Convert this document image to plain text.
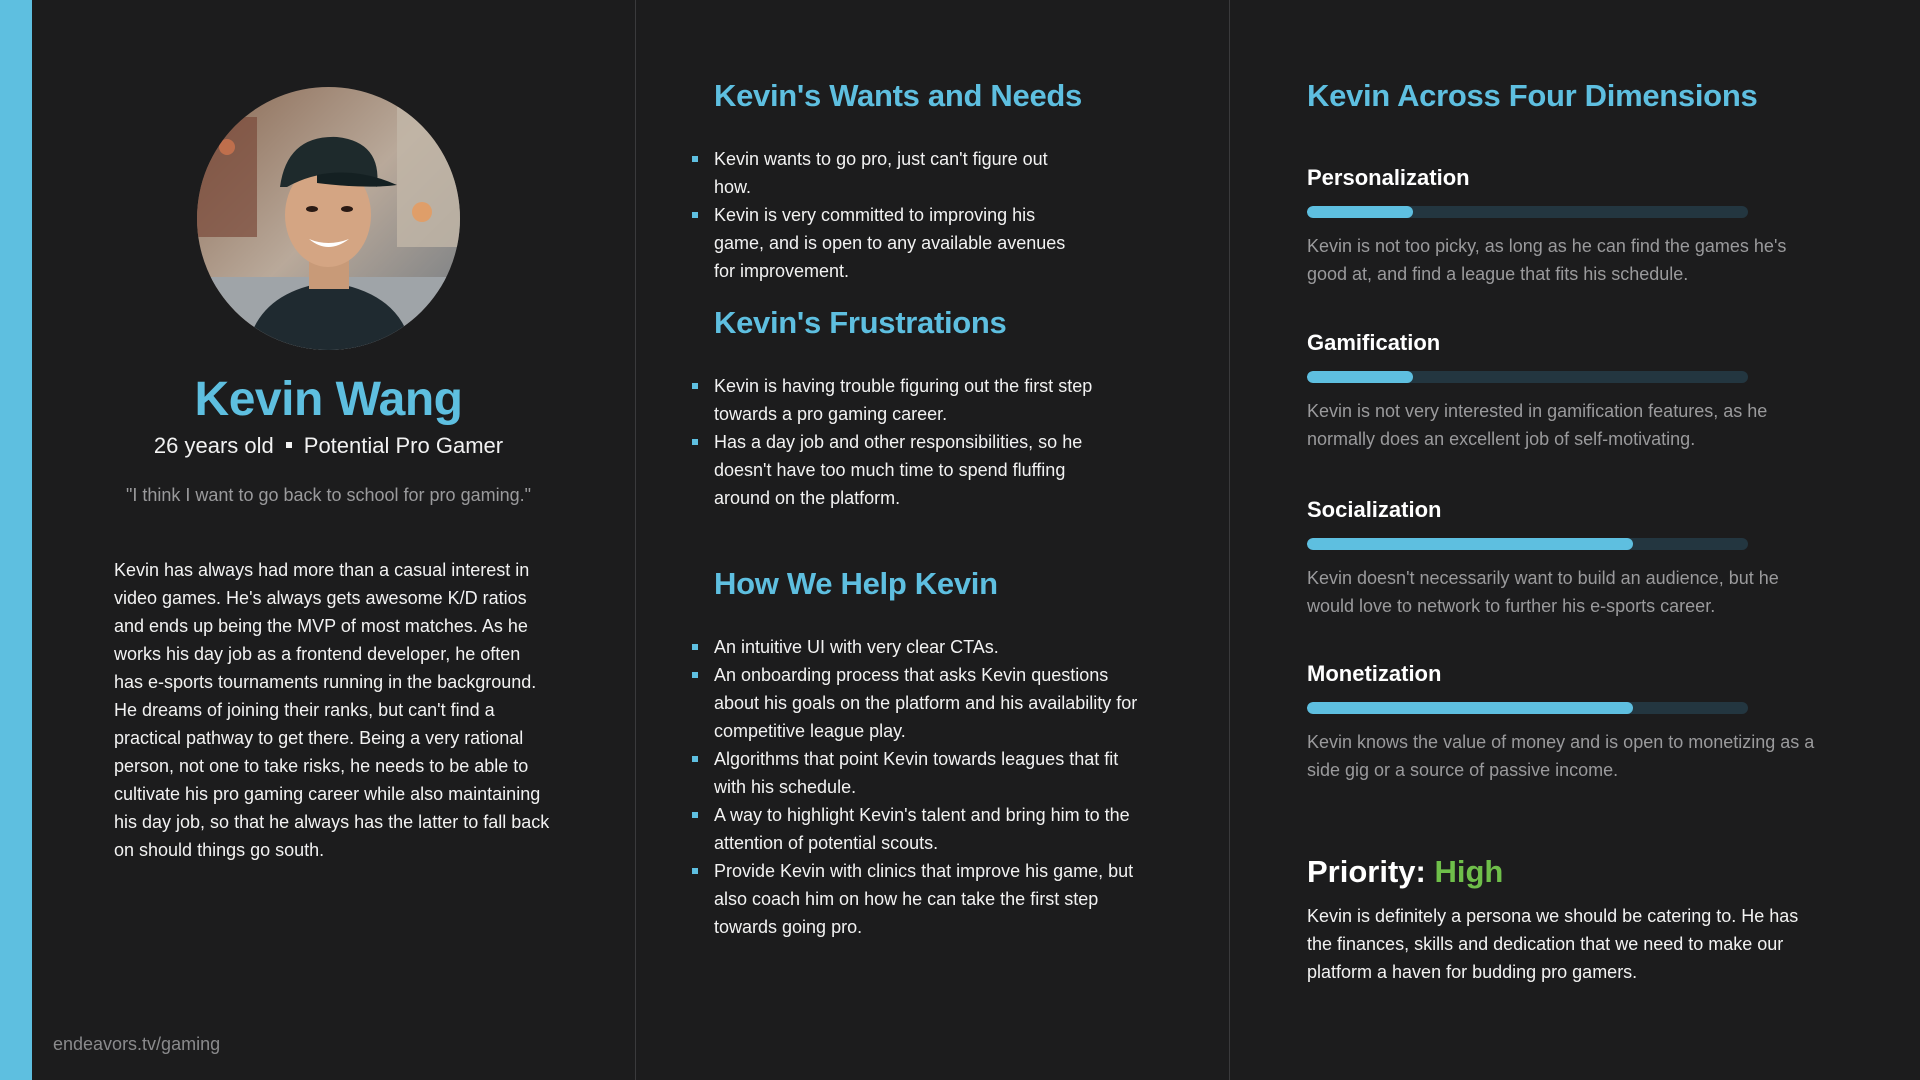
Kevin Wang
26 years old Potential Pro Gamer

"I think I want to go back to school for pro gaming."

Kevin has always had more than a casual interest in video games. He's always gets awesome K/D ratios and ends up being the MVP of most matches. As he works his day job as a frontend developer, he often has e-sports tournaments running in the background. He dreams of joining their ranks, but can't find a practical pathway to get there. Being a very rational person, not one to take risks, he needs to be able to cultivate his pro gaming career while also maintaining his day job, so that he always has the latter to fall back on should things go south.

endeavors.tv/gaming
Kevin's Wants and Needs
Kevin wants to go pro, just can't figure out how.
Kevin is very committed to improving his game, and is open to any available avenues for improvement.
Kevin's Frustrations
Kevin is having trouble figuring out the first step towards a pro gaming career.
Has a day job and other responsibilities, so he doesn't have too much time to spend fluffing around on the platform.
How We Help Kevin
An intuitive UI with very clear CTAs.
An onboarding process that asks Kevin questions about his goals on the platform and his availability for competitive league play.
Algorithms that point Kevin towards leagues that fit with his schedule.
A way to highlight Kevin's talent and bring him to the attention of potential scouts.
Provide Kevin with clinics that improve his game, but also coach him on how he can take the first step towards going pro.
Kevin Across Four Dimensions
Personalization

Kevin is not too picky, as long as he can find the games he's good at, and find a league that fits his schedule.

Gamification

Kevin is not very interested in gamification features, as he normally does an excellent job of self-motivating.

Socialization

Kevin doesn't necessarily want to build an audience, but he would love to network to further his e-sports career.

Monetization

Kevin knows the value of money and is open to monetizing as a side gig or a source of passive income.

Priority: High

Kevin is definitely a persona we should be catering to. He has the finances, skills and dedication that we need to make our platform a haven for budding pro gamers.
